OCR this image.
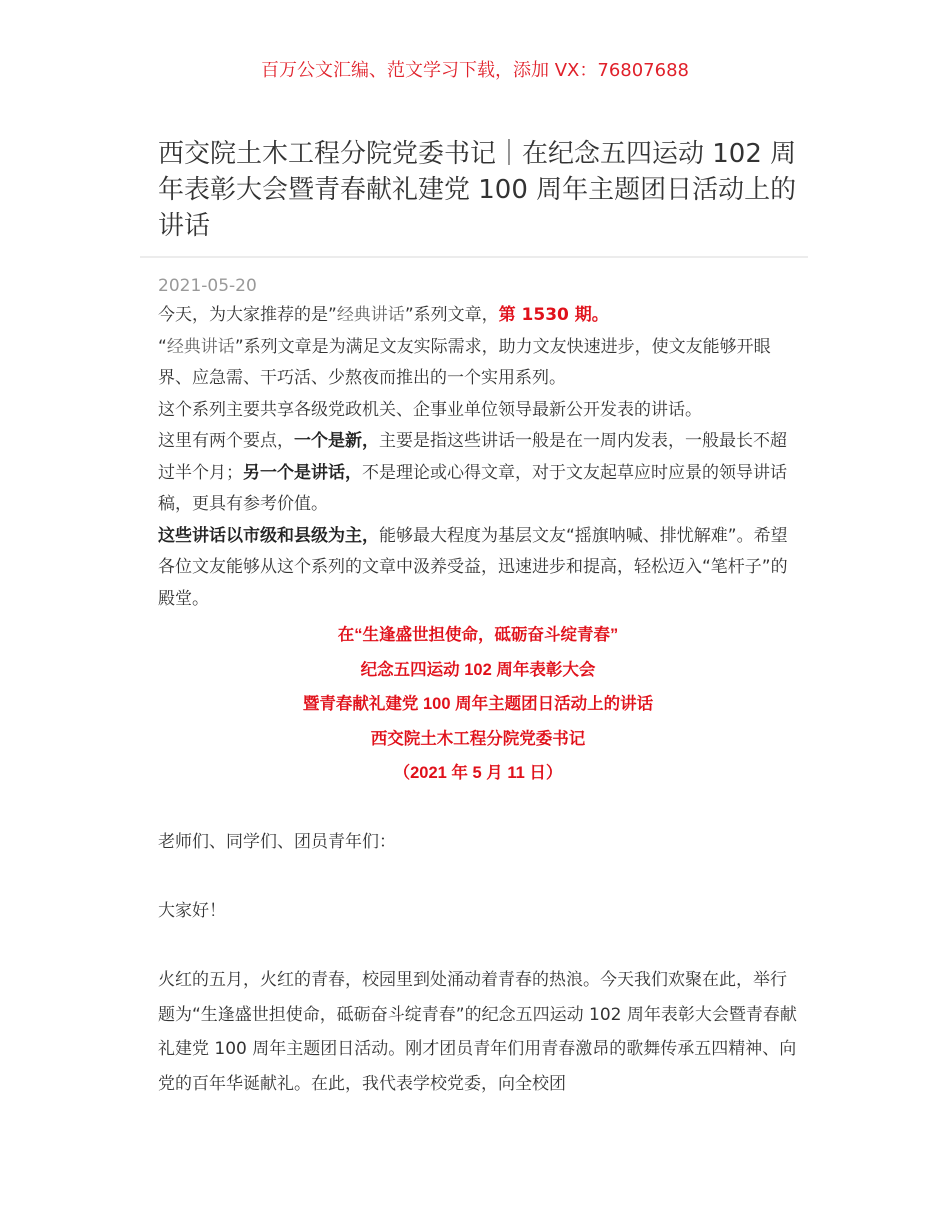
百万公文汇编、范文学习下载，添加 VX：76807688
西交院土木工程分院党委书记｜在纪念五四运动 102 周年表彰大会暨青春献礼建党 100 周年主题团日活动上的讲话
2021-05-20

今天，为大家推荐的是”经典讲话”系列文章，第 1530 期。

“经典讲话”系列文章是为满足文友实际需求，助力文友快速进步，使文友能够开眼界、应急需、干巧活、少熬夜而推出的一个实用系列。

这个系列主要共享各级党政机关、企事业单位领导最新公开发表的讲话。

这里有两个要点，一个是新，主要是指这些讲话一般是在一周内发表，一般最长不超过半个月；另一个是讲话，不是理论或心得文章，对于文友起草应时应景的领导讲话稿，更具有参考价值。

这些讲话以市级和县级为主，能够最大程度为基层文友“摇旗呐喊、排忧解难”。希望各位文友能够从这个系列的文章中汲养受益，迅速进步和提高，轻松迈入“笔杆子”的殿堂。

在“生逢盛世担使命，砥砺奋斗绽青春”
纪念五四运动 102 周年表彰大会
暨青春献礼建党 100 周年主题团日活动上的讲话
西交院土木工程分院党委书记
（2021 年 5 月 11 日）

老师们、同学们、团员青年们：

大家好！

火红的五月，火红的青春，校园里到处涌动着青春的热浪。今天我们欢聚在此，举行题为“生逢盛世担使命，砥砺奋斗绽青春”的纪念五四运动 102 周年表彰大会暨青春献礼建党 100 周年主题团日活动。刚才团员青年们用青春激昂的歌舞传承五四精神、向党的百年华诞献礼。在此，我代表学校党委，向全校团
